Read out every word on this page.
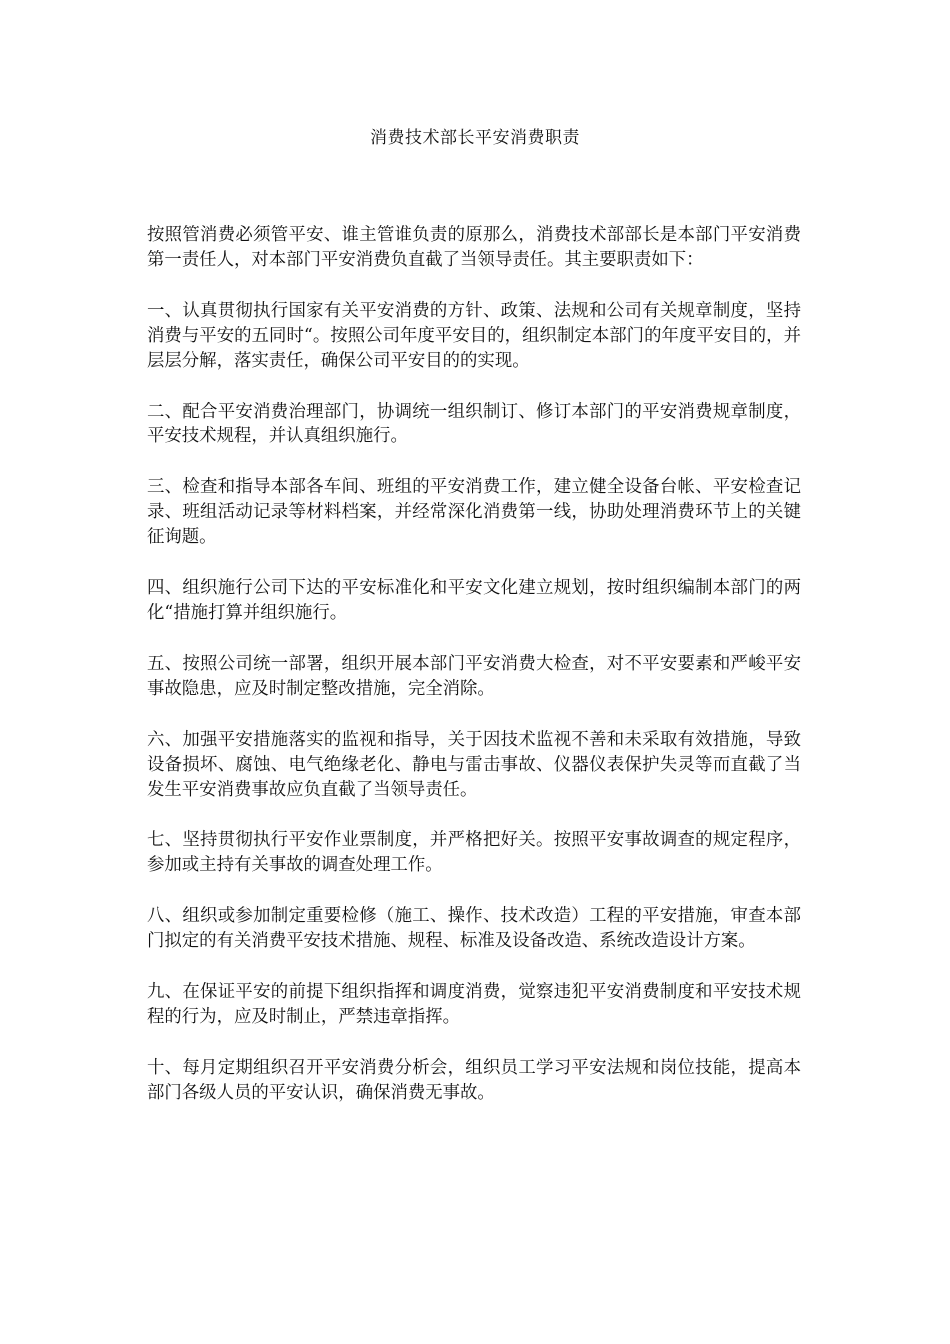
消费技术部长平安消费职责

按照管消费必须管平安、谁主管谁负责的原那么，消费技术部部长是本部门平安消费第一责任人，对本部门平安消费负直截了当领导责任。其主要职责如下：

一、认真贯彻执行国家有关平安消费的方针、政策、法规和公司有关规章制度，坚持消费与平安的五同时“。按照公司年度平安目的，组织制定本部门的年度平安目的，并层层分解，落实责任，确保公司平安目的的实现。

二、配合平安消费治理部门，协调统一组织制订、修订本部门的平安消费规章制度，平安技术规程，并认真组织施行。

三、检查和指导本部各车间、班组的平安消费工作，建立健全设备台帐、平安检查记录、班组活动记录等材料档案，并经常深化消费第一线，协助处理消费环节上的关键征询题。

四、组织施行公司下达的平安标准化和平安文化建立规划，按时组织编制本部门的两化“措施打算并组织施行。

五、按照公司统一部署，组织开展本部门平安消费大检查，对不平安要素和严峻平安事故隐患，应及时制定整改措施，完全消除。

六、加强平安措施落实的监视和指导，关于因技术监视不善和未采取有效措施，导致设备损坏、腐蚀、电气绝缘老化、静电与雷击事故、仪器仪表保护失灵等而直截了当发生平安消费事故应负直截了当领导责任。

七、坚持贯彻执行平安作业票制度，并严格把好关。按照平安事故调查的规定程序，参加或主持有关事故的调查处理工作。

八、组织或参加制定重要检修（施工、操作、技术改造）工程的平安措施，审查本部门拟定的有关消费平安技术措施、规程、标准及设备改造、系统改造设计方案。

九、在保证平安的前提下组织指挥和调度消费，觉察违犯平安消费制度和平安技术规程的行为，应及时制止，严禁违章指挥。

十、每月定期组织召开平安消费分析会，组织员工学习平安法规和岗位技能，提高本部门各级人员的平安认识，确保消费无事故。
